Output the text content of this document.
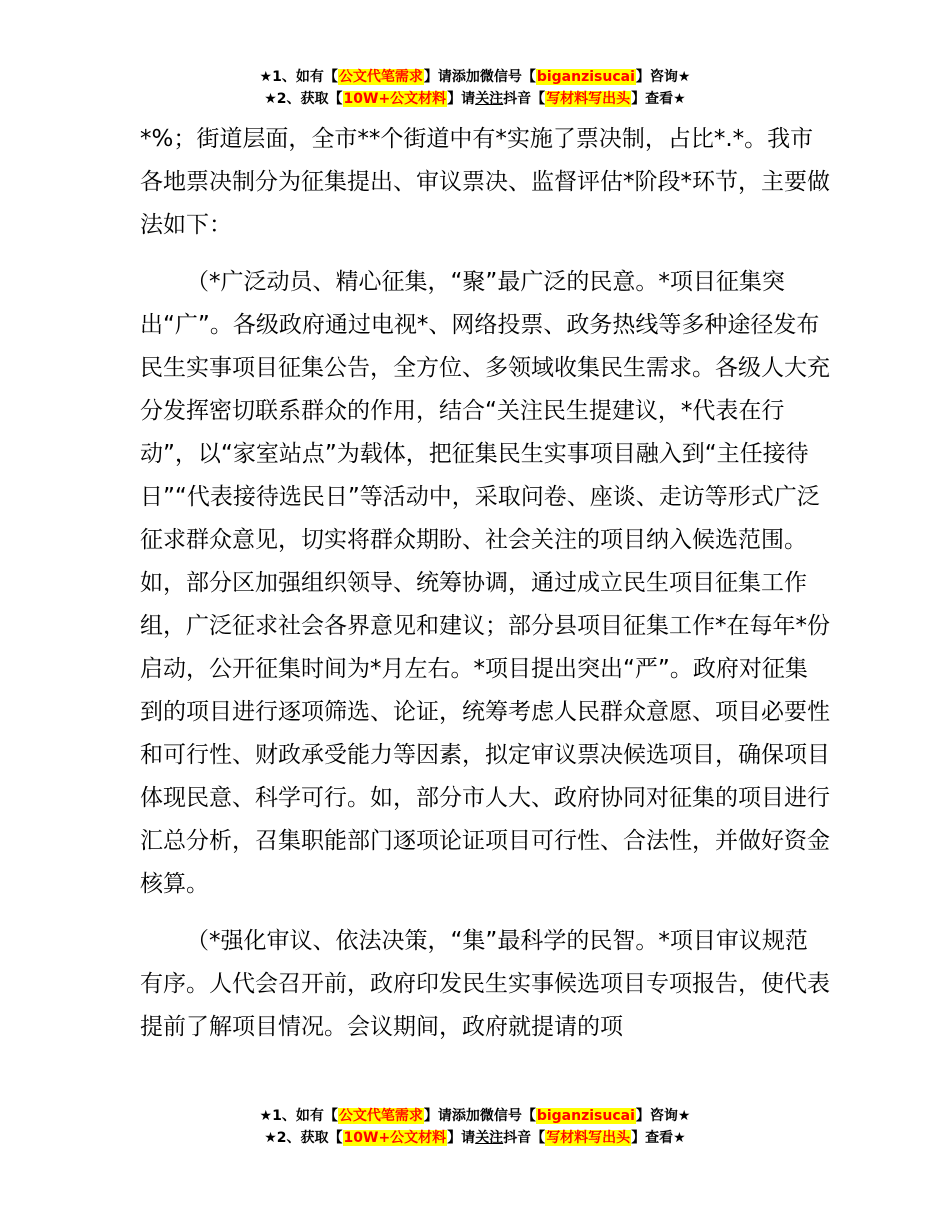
★1、如有【公文代笔需求】请添加微信号【biganzisucai】咨询★
★2、获取【10W+公文材料】请关注抖音【写材料写出头】查看★

*%；街道层面，全市**个街道中有*实施了票决制，占比*.*。我市各地票决制分为征集提出、审议票决、监督评估*阶段*环节，主要做法如下：

（*广泛动员、精心征集，“聚”最广泛的民意。*项目征集突出“广”。各级政府通过电视*、网络投票、政务热线等多种途径发布民生实事项目征集公告，全方位、多领域收集民生需求。各级人大充分发挥密切联系群众的作用，结合“关注民生提建议，*代表在行动”，以“家室站点”为载体，把征集民生实事项目融入到“主任接待日”“代表接待选民日”等活动中，采取问卷、座谈、走访等形式广泛征求群众意见，切实将群众期盼、社会关注的项目纳入候选范围。如，部分区加强组织领导、统筹协调，通过成立民生项目征集工作组，广泛征求社会各界意见和建议；部分县项目征集工作*在每年*份启动，公开征集时间为*月左右。*项目提出突出“严”。政府对征集到的项目进行逐项筛选、论证，统筹考虑人民群众意愿、项目必要性和可行性、财政承受能力等因素，拟定审议票决候选项目，确保项目体现民意、科学可行。如，部分市人大、政府协同对征集的项目进行汇总分析，召集职能部门逐项论证项目可行性、合法性，并做好资金核算。

（*强化审议、依法决策，“集”最科学的民智。*项目审议规范有序。人代会召开前，政府印发民生实事候选项目专项报告，使代表提前了解项目情况。会议期间，政府就提请的项

★1、如有【公文代笔需求】请添加微信号【biganzisucai】咨询★
★2、获取【10W+公文材料】请关注抖音【写材料写出头】查看★
